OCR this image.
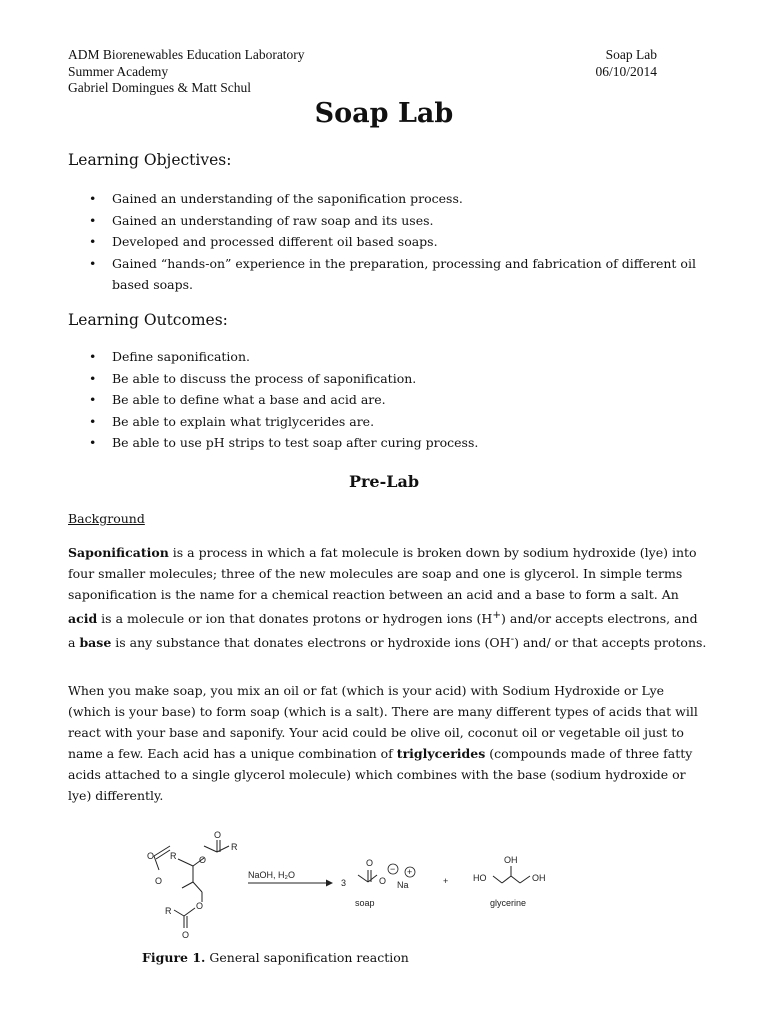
ADM Biorenewables Education Laboratory
Summer Academy
Gabriel Domingues & Matt Schul
Soap Lab
06/10/2014
Soap Lab
Learning Objectives:
• Gained an understanding of the saponification process.
• Gained an understanding of raw soap and its uses.
• Developed and processed different oil based soaps.
• Gained “hands-on” experience in the preparation, processing and fabrication of different oil based soaps.
Learning Outcomes:
• Define saponification.
• Be able to discuss the process of saponification.
• Be able to define what a base and acid are.
• Be able to explain what triglycerides are.
• Be able to use pH strips to test soap after curing process.
Pre-Lab
Background

Saponification is a process in which a fat molecule is broken down by sodium hydroxide (lye) into four smaller molecules; three of the new molecules are soap and one is glycerol. In simple terms saponification is the name for a chemical reaction between an acid and a base to form a salt. An acid is a molecule or ion that donates protons or hydrogen ions (H+) and/or accepts electrons, and a base is any substance that donates electrons or hydroxide ions (OH-) and/ or that accepts protons.

When you make soap, you mix an oil or fat (which is your acid) with Sodium Hydroxide or Lye (which is your base) to form soap (which is a salt). There are many different types of acids that will react with your base and saponify. Your acid could be olive oil, coconut oil or vegetable oil just to name a few. Each acid has a unique combination of triglycerides (compounds made of three fatty acids attached to a single glycerol molecule) which combines with the base (sodium hydroxide or lye) differently.

O R
O
O
O
R
O
R
O
NaOH, H₂O
3
O
O
−
Na
+
soap
+	HO
OH
OH
glycerine
Figure 1. General saponification reaction
